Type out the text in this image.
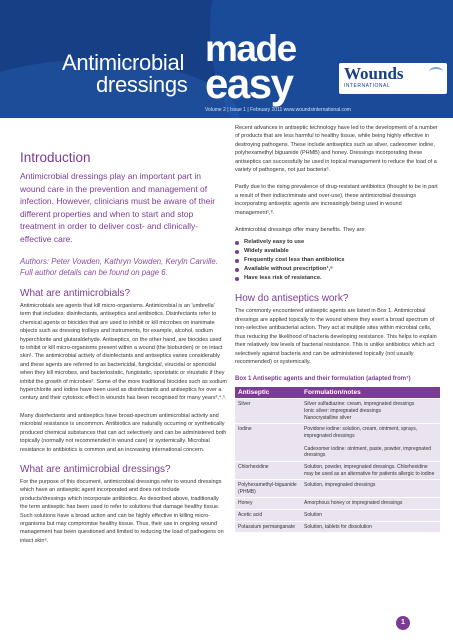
Antimicrobial
dressings
made
easy	Wounds
INTERNATIONAL
Volume 2 | Issue 1 | February 2011 www.woundsinternational.com
Introduction
Antimicrobial dressings play an important part in wound care in the prevention and management of infection. However, clinicians must be aware of their different properties and when to start and stop treatment in order to deliver cost- and clinically-effective care.
Authors: Peter Vowden, Kathryn Vowden, Keryln Carville. Full author details can be found on page 6.
What are antimicrobials?

Antimicrobials are agents that kill micro-organisms. Antimicrobial is an 'umbrella' term that includes: disinfectants, antiseptics and antibiotics. Disinfectants refer to chemical agents or biocides that are used to inhibit or kill microbes on inanimate objects such as dressing trolleys and instruments, for example, alcohol, sodium hyperchlorite and glutaraldehyde. Antiseptics, on the other hand, are biocides used to inhibit or kill micro-organisms present within a wound (the bioburden) or on intact skin¹. The antimicrobial activity of disinfectants and antiseptics varies considerably and these agents are referred to as bactericidal, fungicidal, virucidal or sporicidal when they kill microbes, and bacteriostatic, fungistatic, sporistatic or virustatic if they inhibit the growth of microbes². Some of the more traditional biocides such as sodium hyperchlorite and iodine have been used as disinfectants and antiseptics for over a century and their cytotoxic effect in wounds has been recognised for many years³,⁴,⁵.

Many disinfectants and antiseptics have broad-spectrum antimicrobial activity and microbial resistance is uncommon. Antibiotics are naturally occurring or synthetically produced chemical substances that can act selectively and can be administered both topically (normally not recommended in wound care) or systemically. Microbial resistance to antibiotics is common and an increasing international concern.

What are antimicrobial dressings?

For the purpose of this document, antimicrobial dressings refer to wound dressings which have an antiseptic agent incorporated and does not include products/dressings which incorporate antibiotics. As described above, traditionally the term antiseptic has been used to refer to solutions that damage healthy tissue. Such solutions have a broad action and can be highly effective in killing micro-organisms but may compromise healthy tissue. Thus, their use in ongoing wound management has been questioned and limited to reducing the load of pathogens on intact skin⁶.

Recent advances in antiseptic technology have led to the development of a number of products that are less harmful to healthy tissue, while being highly effective in destroying pathogens. These include antiseptics such as silver, cadexomer iodine, polyhexamethyl biguanide (PHMB) and honey. Dressings incorporating these antiseptics can successfully be used in topical management to reduce the load of a variety of pathogens, not just bacteria⁶.

Partly due to the rising prevalence of drug-resistant antibiotics (thought to be in part a result of their indiscriminate and over-use), these antimicrobial dressings incorporating antiseptic agents are increasingly being used in wound management¹,⁸.

Antimicrobial dressings offer many benefits. They are:

Relatively easy to use
Widely available
Frequently cost less than antibiotics
Available without prescription¹,⁸
Have less risk of resistance.
How do antiseptics work?

The commonly encountered antiseptic agents are listed in Box 1. Antimicrobial dressings are applied topically to the wound where they exert a broad spectrum of non-selective antibacterial action. They act at multiple sites within microbial cells, thus reducing the likelihood of bacteria developing resistance. This helps to explain their relatively low levels of bacterial resistance. This is unlike antibiotics which act selectively against bacteria and can be administered topically (not usually recommended) or systemically.

Box 1 Antiseptic agents and their formulation (adapted from⁷)
Antiseptic	Formulation/notes
Silver	Silver sulfadiazine: cream, impregnated dressings
Ionic silver: impregnated dressings
Nanocrystalline silver
Iodine	Povidone iodine: solution, cream, ointment, sprays, impregnated dressings

Cadexomer iodine: ointment, paste, powder, impregnated dressings
Chlorhexidine	Solution, powder, impregnated dressings. Chlorhexidine may be used as an alternative for patients allergic to iodine
Polyhexamethyl-biguanide (PHMB)	Solution, impregnated dressings
Honey	Amorphous honey or impregnated dressings
Acetic acid	Solution
Potassium permanganate	Solution, tablets for dissolution
1
